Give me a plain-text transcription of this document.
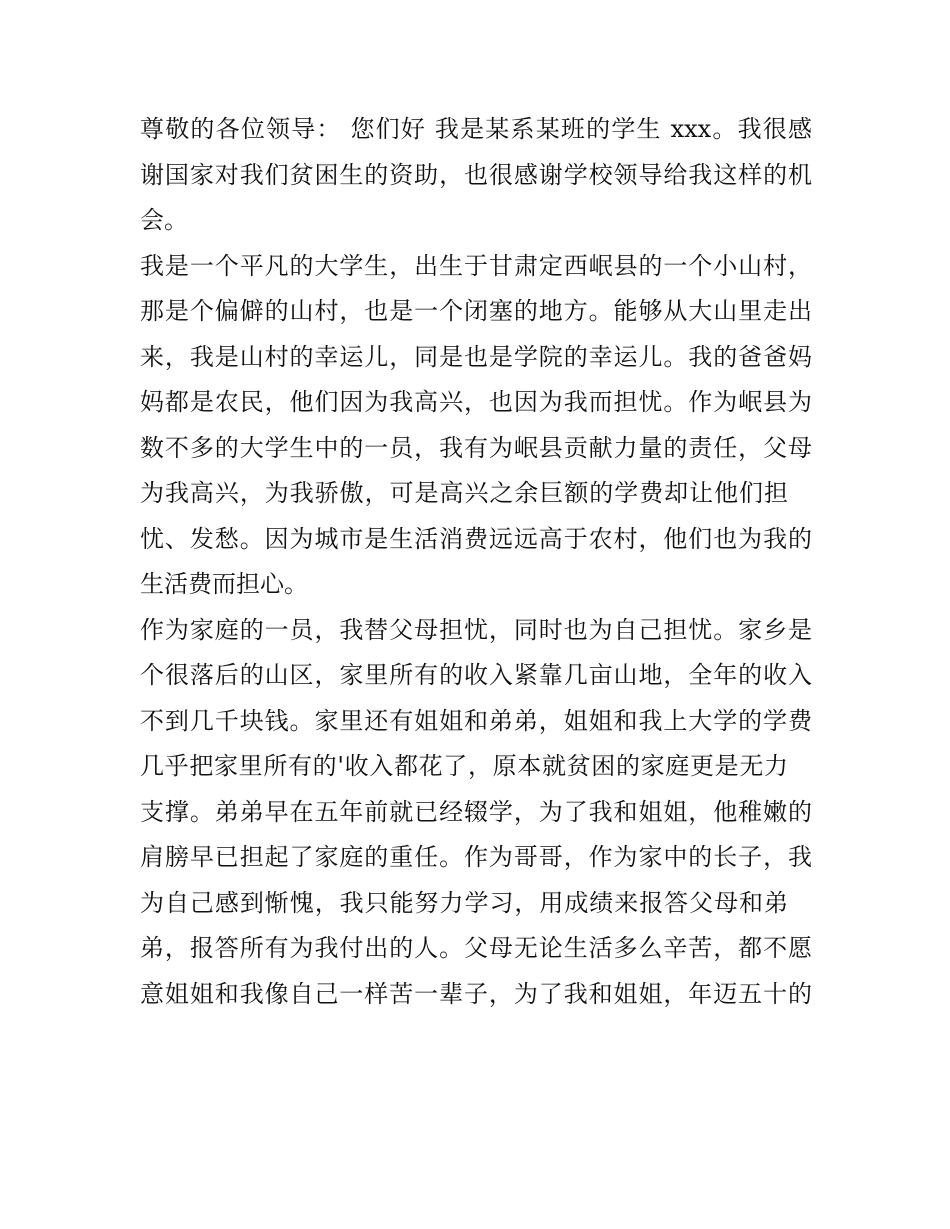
尊敬的各位领导： 您们好 我是某系某班的学生 xxx。我很感
谢国家对我们贫困生的资助，也很感谢学校领导给我这样的机
会。
我是一个平凡的大学生，出生于甘肃定西岷县的一个小山村，
那是个偏僻的山村，也是一个闭塞的地方。能够从大山里走出
来，我是山村的幸运儿，同是也是学院的幸运儿。我的爸爸妈
妈都是农民，他们因为我高兴，也因为我而担忧。作为岷县为
数不多的大学生中的一员，我有为岷县贡献力量的责任，父母
为我高兴，为我骄傲，可是高兴之余巨额的学费却让他们担
忧、发愁。因为城市是生活消费远远高于农村，他们也为我的
生活费而担心。
作为家庭的一员，我替父母担忧，同时也为自己担忧。家乡是
个很落后的山区，家里所有的收入紧靠几亩山地，全年的收入
不到几千块钱。家里还有姐姐和弟弟，姐姐和我上大学的学费
几乎把家里所有的'收入都花了，原本就贫困的家庭更是无力
支撑。弟弟早在五年前就已经辍学，为了我和姐姐，他稚嫩的
肩膀早已担起了家庭的重任。作为哥哥，作为家中的长子，我
为自己感到惭愧，我只能努力学习，用成绩来报答父母和弟
弟，报答所有为我付出的人。父母无论生活多么辛苦，都不愿
意姐姐和我像自己一样苦一辈子，为了我和姐姐，年迈五十的
